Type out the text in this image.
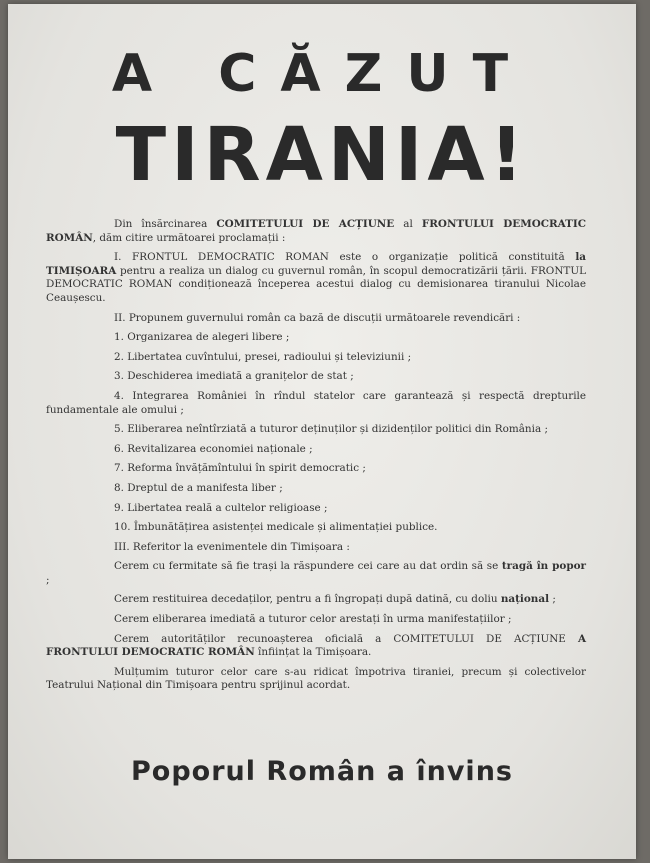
A CĂZUT
TIRANIA!

Din însărcinarea COMITETULUI DE ACȚIUNE al FRONTULUI DEMOCRATIC ROMÂN, dăm citire următoarei proclamații :

I. FRONTUL DEMOCRATIC ROMAN este o organizație politică constituită la TIMIȘOARA pentru a realiza un dialog cu guvernul român, în scopul democratizării țării. FRONTUL DEMOCRATIC ROMAN condiționează începerea acestui dialog cu demisionarea tiranului Nicolae Ceaușescu.

II. Propunem guvernului român ca bază de discuții următoarele revendicări :

1. Organizarea de alegeri libere ;

2. Libertatea cuvîntului, presei, radioului și televiziunii ;

3. Deschiderea imediată a granițelor de stat ;

4. Integrarea României în rîndul statelor care garantează și respectă drepturile fundamentale ale omului ;

5. Eliberarea neîntîrziată a tuturor deținuților și dizidenților politici din România ;

6. Revitalizarea economiei naționale ;

7. Reforma învățămîntului în spirit democratic ;

8. Dreptul de a manifesta liber ;

9. Libertatea reală a cultelor religioase ;

10. Îmbunătățirea asistenței medicale și alimentației publice.

III. Referitor la evenimentele din Timișoara :

Cerem cu fermitate să fie trași la răspundere cei care au dat ordin să se tragă în popor ;

Cerem restituirea decedaților, pentru a fi îngropați după datină, cu doliu național ;

Cerem eliberarea imediată a tuturor celor arestați în urma manifestațiilor ;

Cerem autorităților recunoașterea oficială a COMITETULUI DE ACȚIUNE A FRONTULUI DEMOCRATIC ROMÂN înființat la Timișoara.

Mulțumim tuturor celor care s-au ridicat împotriva tiraniei, precum și colectivelor Teatrului Național din Timișoara pentru sprijinul acordat.

Poporul Român a învins
